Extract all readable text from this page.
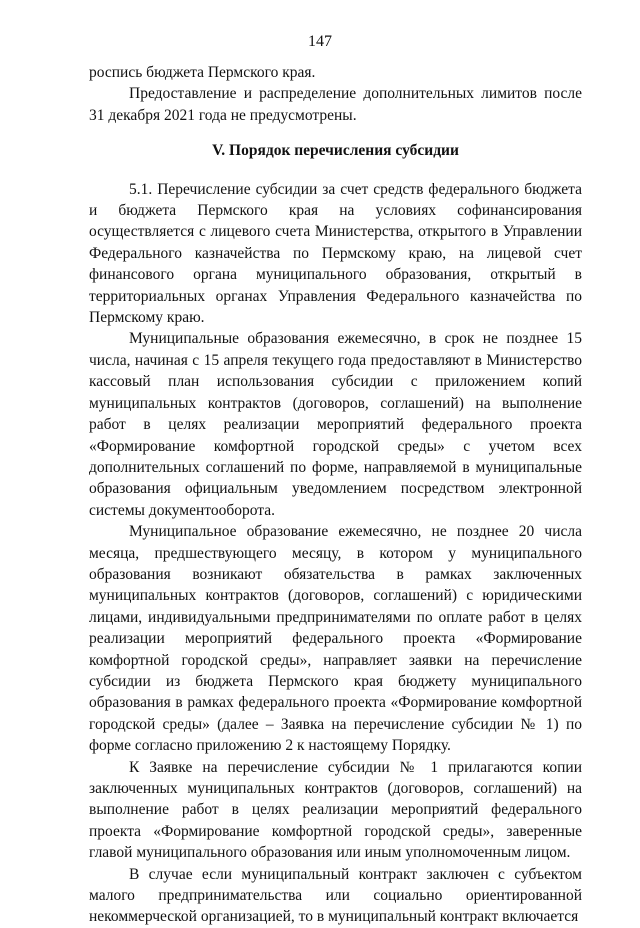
147

роспись бюджета Пермского края.

Предоставление и распределение дополнительных лимитов после 31 декабря 2021 года не предусмотрены.

V. Порядок перечисления субсидии

5.1. Перечисление субсидии за счет средств федерального бюджета и бюджета Пермского края на условиях софинансирования осуществляется с лицевого счета Министерства, открытого в Управлении Федерального казначейства по Пермскому краю, на лицевой счет финансового органа муниципального образования, открытый в территориальных органах Управления Федерального казначейства по Пермскому краю.

Муниципальные образования ежемесячно, в срок не позднее 15 числа, начиная с 15 апреля текущего года предоставляют в Министерство кассовый план использования субсидии с приложением копий муниципальных контрактов (договоров, соглашений) на выполнение работ в целях реализации мероприятий федерального проекта «Формирование комфортной городской среды» с учетом всех дополнительных соглашений по форме, направляемой в муниципальные образования официальным уведомлением посредством электронной системы документооборота.

Муниципальное образование ежемесячно, не позднее 20 числа месяца, предшествующего месяцу, в котором у муниципального образования возникают обязательства в рамках заключенных муниципальных контрактов (договоров, соглашений) с юридическими лицами, индивидуальными предпринимателями по оплате работ в целях реализации мероприятий федерального проекта «Формирование комфортной городской среды», направляет заявки на перечисление субсидии из бюджета Пермского края бюджету муниципального образования в рамках федерального проекта «Формирование комфортной городской среды» (далее – Заявка на перечисление субсидии № 1) по форме согласно приложению 2 к настоящему Порядку.

К Заявке на перечисление субсидии № 1 прилагаются копии заключенных муниципальных контрактов (договоров, соглашений) на выполнение работ в целях реализации мероприятий федерального проекта «Формирование комфортной городской среды», заверенные главой муниципального образования или иным уполномоченным лицом.

В случае если муниципальный контракт заключен с субъектом малого предпринимательства или социально ориентированной некоммерческой организацией, то в муниципальный контракт включается
